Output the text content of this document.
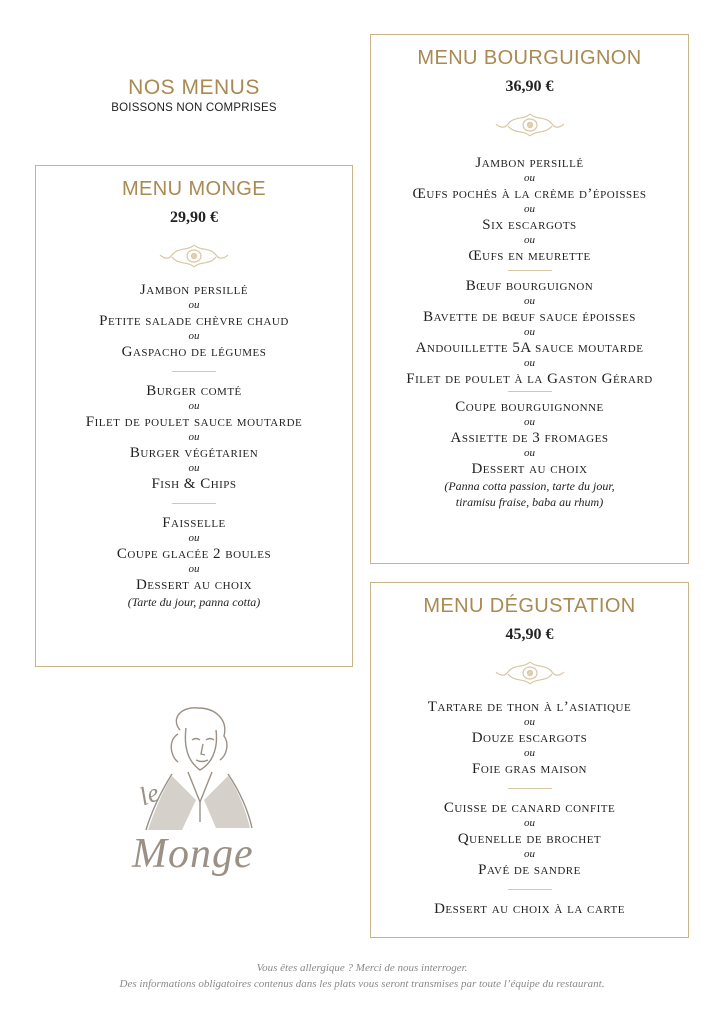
NOS MENUS
BOISSONS NON COMPRISES
MENU MONGE
29,90 €
Jambon persillé
ou
Petite salade chèvre chaud
ou
Gaspacho de légumes
Burger comté
ou
Filet de poulet sauce moutarde
ou
Burger végétarien
ou
Fish & Chips
Faisselle
ou
Coupe glacée 2 boules
ou
Dessert au choix
(Tarte du jour, panna cotta)
MENU BOURGUIGNON
36,90 €
Jambon persillé
ou
Œufs pochés à la crème d’époisses
ou
Six escargots
ou
Œufs en meurette
Bœuf bourguignon
ou
Bavette de bœuf sauce époisses
ou
Andouillette 5A sauce moutarde
ou
Filet de poulet à la Gaston Gérard
Coupe bourguignonne
ou
Assiette de 3 fromages
ou
Dessert au choix
(Panna cotta passion, tarte du jour,
tiramisu fraise, baba au rhum)
MENU DÉGUSTATION
45,90 €
Tartare de thon à l’asiatique
ou
Douze escargots
ou
Foie gras maison
Cuisse de canard confite
ou
Quenelle de brochet
ou
Pavé de sandre
Dessert au choix à la carte
le
Monge
Vous êtes allergique ? Merci de nous interroger.
Des informations obligatoires contenus dans les plats vous seront transmises par toute l’équipe du restaurant.
